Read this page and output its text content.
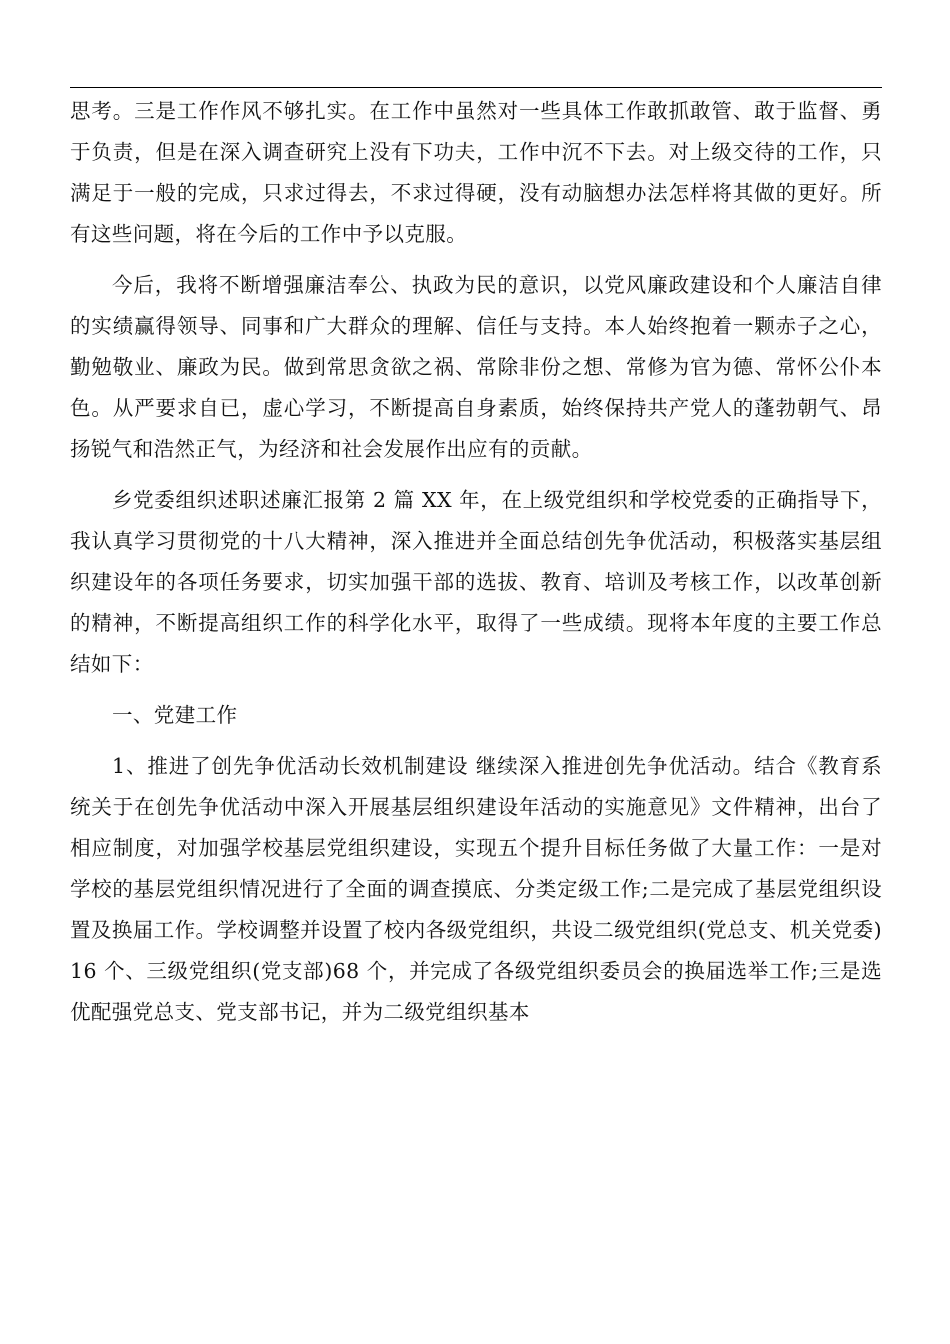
思考。三是工作作风不够扎实。在工作中虽然对一些具体工作敢抓敢管、敢于监督、勇于负责，但是在深入调查研究上没有下功夫，工作中沉不下去。对上级交待的工作，只满足于一般的完成，只求过得去，不求过得硬，没有动脑想办法怎样将其做的更好。所有这些问题，将在今后的工作中予以克服。

今后，我将不断增强廉洁奉公、执政为民的意识，以党风廉政建设和个人廉洁自律的实绩赢得领导、同事和广大群众的理解、信任与支持。本人始终抱着一颗赤子之心，勤勉敬业、廉政为民。做到常思贪欲之祸、常除非份之想、常修为官为德、常怀公仆本色。从严要求自已，虚心学习，不断提高自身素质，始终保持共产党人的蓬勃朝气、昂扬锐气和浩然正气，为经济和社会发展作出应有的贡献。

乡党委组织述职述廉汇报第 2 篇 XX 年，在上级党组织和学校党委的正确指导下，我认真学习贯彻党的十八大精神，深入推进并全面总结创先争优活动，积极落实基层组织建设年的各项任务要求，切实加强干部的选拔、教育、培训及考核工作，以改革创新的精神，不断提高组织工作的科学化水平，取得了一些成绩。现将本年度的主要工作总结如下：

一、党建工作

1、推进了创先争优活动长效机制建设 继续深入推进创先争优活动。结合《教育系统关于在创先争优活动中深入开展基层组织建设年活动的实施意见》文件精神，出台了相应制度，对加强学校基层党组织建设，实现五个提升目标任务做了大量工作：一是对学校的基层党组织情况进行了全面的调查摸底、分类定级工作;二是完成了基层党组织设置及换届工作。学校调整并设置了校内各级党组织，共设二级党组织(党总支、机关党委)16 个、三级党组织(党支部)68 个，并完成了各级党组织委员会的换届选举工作;三是选优配强党总支、党支部书记，并为二级党组织基本
